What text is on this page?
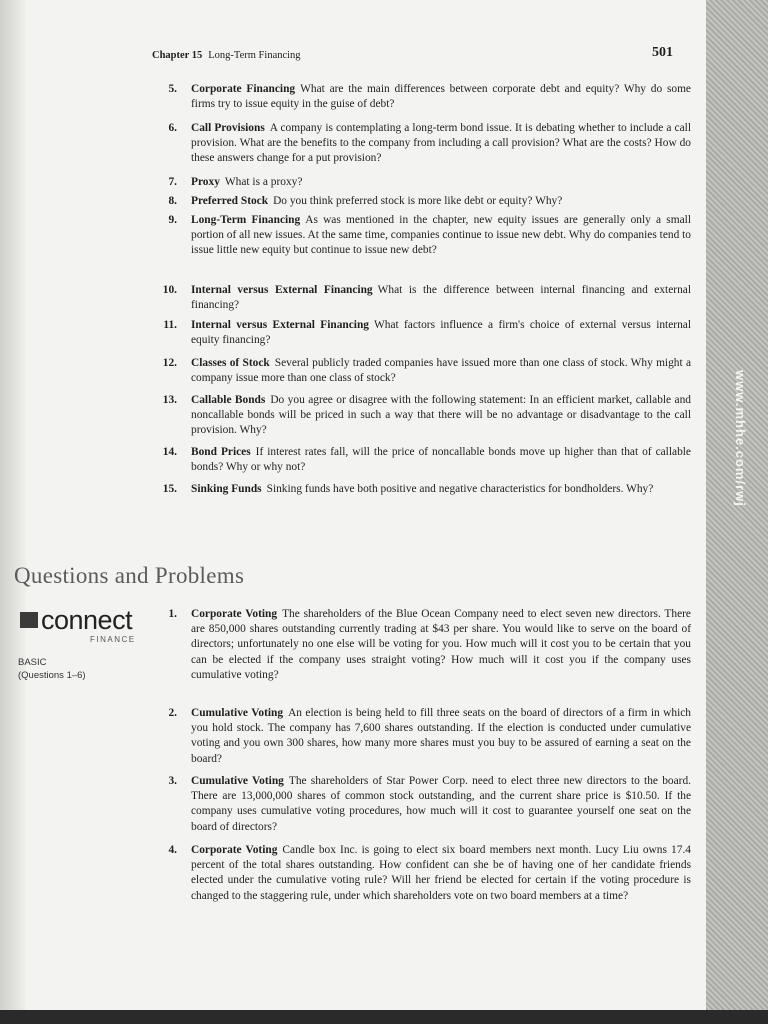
Chapter 15 Long-Term Financing	501
5. Corporate Financing What are the main differences between corporate debt and equity? Why do some firms try to issue equity in the guise of debt?
6. Call Provisions A company is contemplating a long-term bond issue. It is debating whether to include a call provision. What are the benefits to the company from including a call provision? What are the costs? How do these answers change for a put provision?
7. Proxy What is a proxy?
8. Preferred Stock Do you think preferred stock is more like debt or equity? Why?
9. Long-Term Financing As was mentioned in the chapter, new equity issues are generally only a small portion of all new issues. At the same time, companies continue to issue new debt. Why do companies tend to issue little new equity but continue to issue new debt?
10. Internal versus External Financing What is the difference between internal financing and external financing?
11. Internal versus External Financing What factors influence a firm's choice of external versus internal equity financing?
12. Classes of Stock Several publicly traded companies have issued more than one class of stock. Why might a company issue more than one class of stock?
13. Callable Bonds Do you agree or disagree with the following statement: In an efficient market, callable and noncallable bonds will be priced in such a way that there will be no advantage or disadvantage to the call provision. Why?
14. Bond Prices If interest rates fall, will the price of noncallable bonds move up higher than that of callable bonds? Why or why not?
15. Sinking Funds Sinking funds have both positive and negative characteristics for bondholders. Why?
Questions and Problems
connect
FINANCE
BASIC
(Questions 1–6)
1. Corporate Voting The shareholders of the Blue Ocean Company need to elect seven new directors. There are 850,000 shares outstanding currently trading at $43 per share. You would like to serve on the board of directors; unfortunately no one else will be voting for you. How much will it cost you to be certain that you can be elected if the company uses straight voting? How much will it cost you if the company uses cumulative voting?
2. Cumulative Voting An election is being held to fill three seats on the board of directors of a firm in which you hold stock. The company has 7,600 shares outstanding. If the election is conducted under cumulative voting and you own 300 shares, how many more shares must you buy to be assured of earning a seat on the board?
3. Cumulative Voting The shareholders of Star Power Corp. need to elect three new directors to the board. There are 13,000,000 shares of common stock outstanding, and the current share price is $10.50. If the company uses cumulative voting procedures, how much will it cost to guarantee yourself one seat on the board of directors?
4. Corporate Voting Candle box Inc. is going to elect six board members next month. Lucy Liu owns 17.4 percent of the total shares outstanding. How confident can she be of having one of her candidate friends elected under the cumulative voting rule? Will her friend be elected for certain if the voting procedure is changed to the staggering rule, under which shareholders vote on two board members at a time?
www.mhhe.com/rwj
